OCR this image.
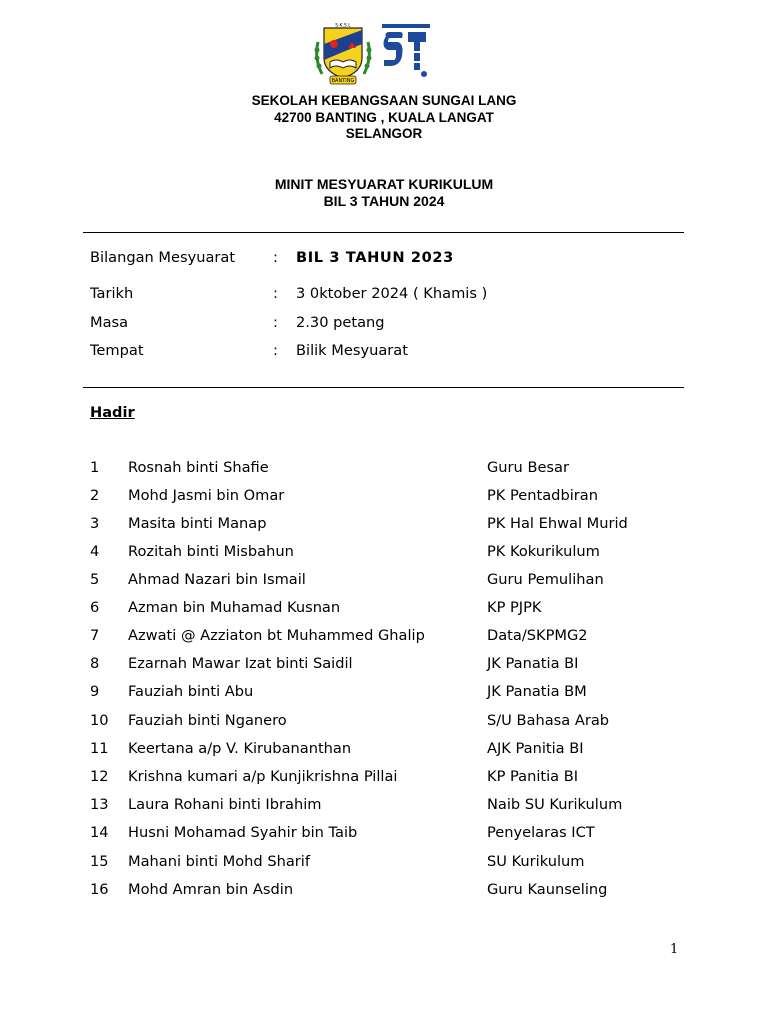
BANTING
S.K.S.L
SEKOLAH KEBANGSAAN SUNGAI LANG
42700 BANTING , KUALA LANGAT
SELANGOR
MINIT MESYUARAT KURIKULUM
BIL 3 TAHUN 2024
Bilangan Mesyuarat	: BIL 3 TAHUN 2023
Tarikh	: 3 0ktober 2024 ( Khamis )
Masa	: 2.30 petang
Tempat	: Bilik Mesyuarat
Hadir
1 Rosnah binti Shafie	Guru Besar
2 Mohd Jasmi bin Omar	PK Pentadbiran
3 Masita binti Manap	PK Hal Ehwal Murid
4 Rozitah binti Misbahun	PK Kokurikulum
5 Ahmad Nazari bin Ismail	Guru Pemulihan
6 Azman bin Muhamad Kusnan	KP PJPK
7 Azwati @ Azziaton bt Muhammed Ghalip	Data/SKPMG2
8 Ezarnah Mawar Izat binti Saidil	JK Panatia BI
9 Fauziah binti Abu	JK Panatia BM
10 Fauziah binti Nganero	S/U Bahasa Arab
11 Keertana a/p V. Kirubananthan	AJK Panitia BI
12 Krishna kumari a/p Kunjikrishna Pillai	KP Panitia BI
13 Laura Rohani binti Ibrahim	Naib SU Kurikulum
14 Husni Mohamad Syahir bin Taib	Penyelaras ICT
15 Mahani binti Mohd Sharif	SU Kurikulum
16 Mohd Amran bin Asdin	Guru Kaunseling
1
